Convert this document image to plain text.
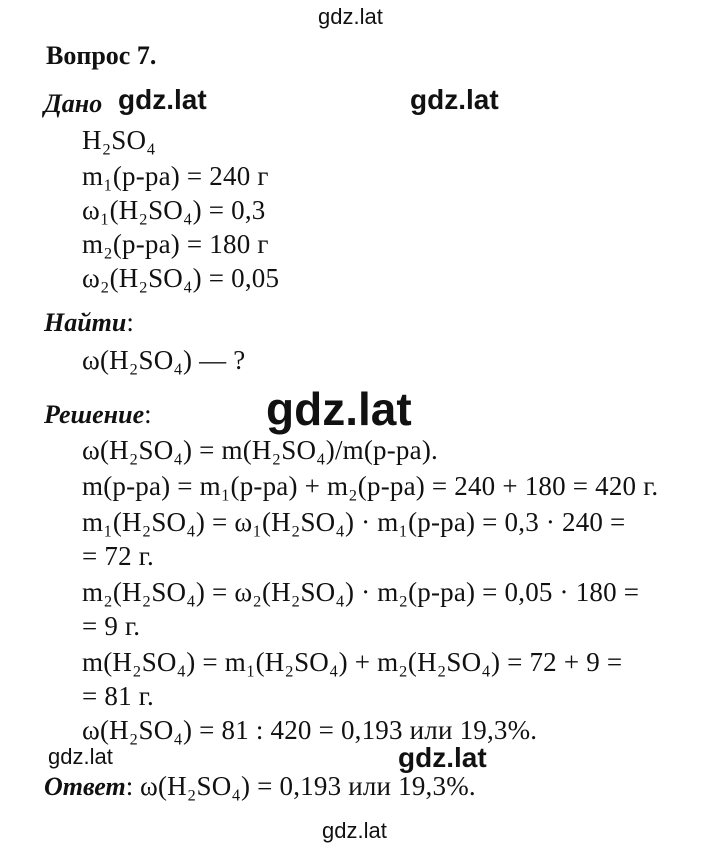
gdz.lat
gdz.lat	gdz.lat
gdz.lat
gdz.lat	gdz.lat
gdz.lat
Вопрос 7.
Дано
H₂SO₄
m₁(р-ра) = 240 г
ω₁(H₂SO₄) = 0,3
m₂(р-ра) = 180 г
ω₂(H₂SO₄) = 0,05
Найти:
ω(H₂SO₄) — ?
Решение:
ω(H₂SO₄) = m(H₂SO₄)/m(р-ра).
m(р-ра) = m₁(р-ра) + m₂(р-ра) = 240 + 180 = 420 г.
m₁(H₂SO₄) = ω₁(H₂SO₄) · m₁(р-ра) = 0,3 · 240 =
= 72 г.
m₂(H₂SO₄) = ω₂(H₂SO₄) · m₂(р-ра) = 0,05 · 180 =
= 9 г.
m(H₂SO₄) = m₁(H₂SO₄) + m₂(H₂SO₄) = 72 + 9 =
= 81 г.
ω(H₂SO₄) = 81 : 420 = 0,193 или 19,3%.
Ответ: ω(H₂SO₄) = 0,193 или 19,3%.
